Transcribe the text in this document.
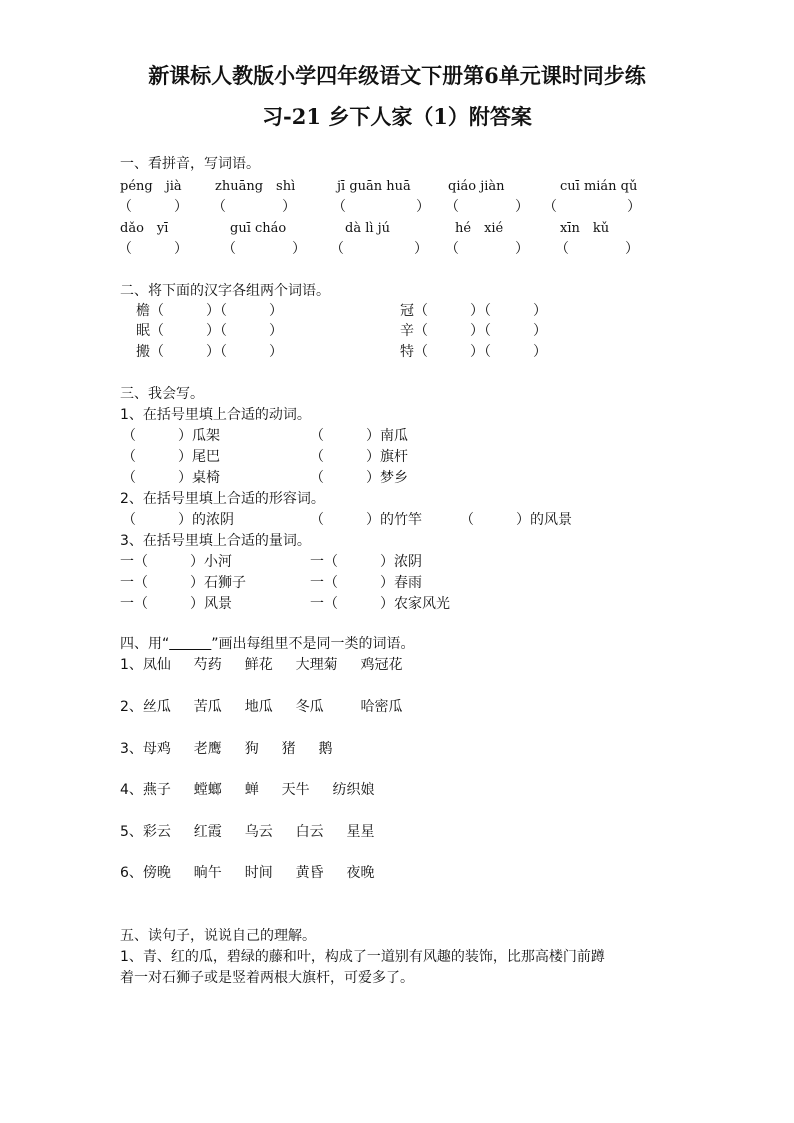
新课标人教版小学四年级语文下册第6单元课时同步练
习-21 乡下人家（1）附答案
一、看拼音，写词语。
péng　jià	zhuāng　shì	jī guān huā	qiáo jiàn	cuī mián qǔ
（　　　） （　　　　）	（　　　　　） （　　　　） （　　　　　）
dǎo　yī	guī cháo	dà lì jú	hé　xié	xīn　kǔ
（　　　） （　　　　） （　　　　　） （　　　　） （　　　　）
二、将下面的汉字各组两个词语。
檐（　　　）（　　　）	冠（　　　）（　　　）
眠（　　　）（　　　）	辛（　　　）（　　　）
搬（　　　）（　　　）	特（　　　）（　　　）
三、我会写。
1、在括号里填上合适的动词。
（　　　）瓜架	（　　　）南瓜
（　　　）尾巴	（　　　）旗杆
（　　　）桌椅	（　　　）梦乡
2、在括号里填上合适的形容词。
（　　　）的浓阴	（　　　）的竹竿	（　　　）的风景
3、在括号里填上合适的量词。
一（　　　）小河	一（　　　）浓阴
一（　　　）石狮子	一（　　　）春雨
一（　　　）风景	一（　　　）农家风光
四、用“＿＿＿”画出每组里不是同一类的词语。
1、凤仙　  芍药　  鲜花　  大理菊　  鸡冠花
2、丝瓜　  苦瓜　  地瓜　  冬瓜　　  哈密瓜
3、母鸡　  老鹰　  狗　  猪　  鹅
4、燕子　  螳螂　  蝉　  天牛　  纺织娘
5、彩云　  红霞　  乌云　  白云　  星星
6、傍晚　  晌午　  时间　  黄昏　  夜晚
五、读句子，说说自己的理解。
1、青、红的瓜，碧绿的藤和叶，构成了一道别有风趣的装饰，比那高楼门前蹲
着一对石狮子或是竖着两根大旗杆，可爱多了。
